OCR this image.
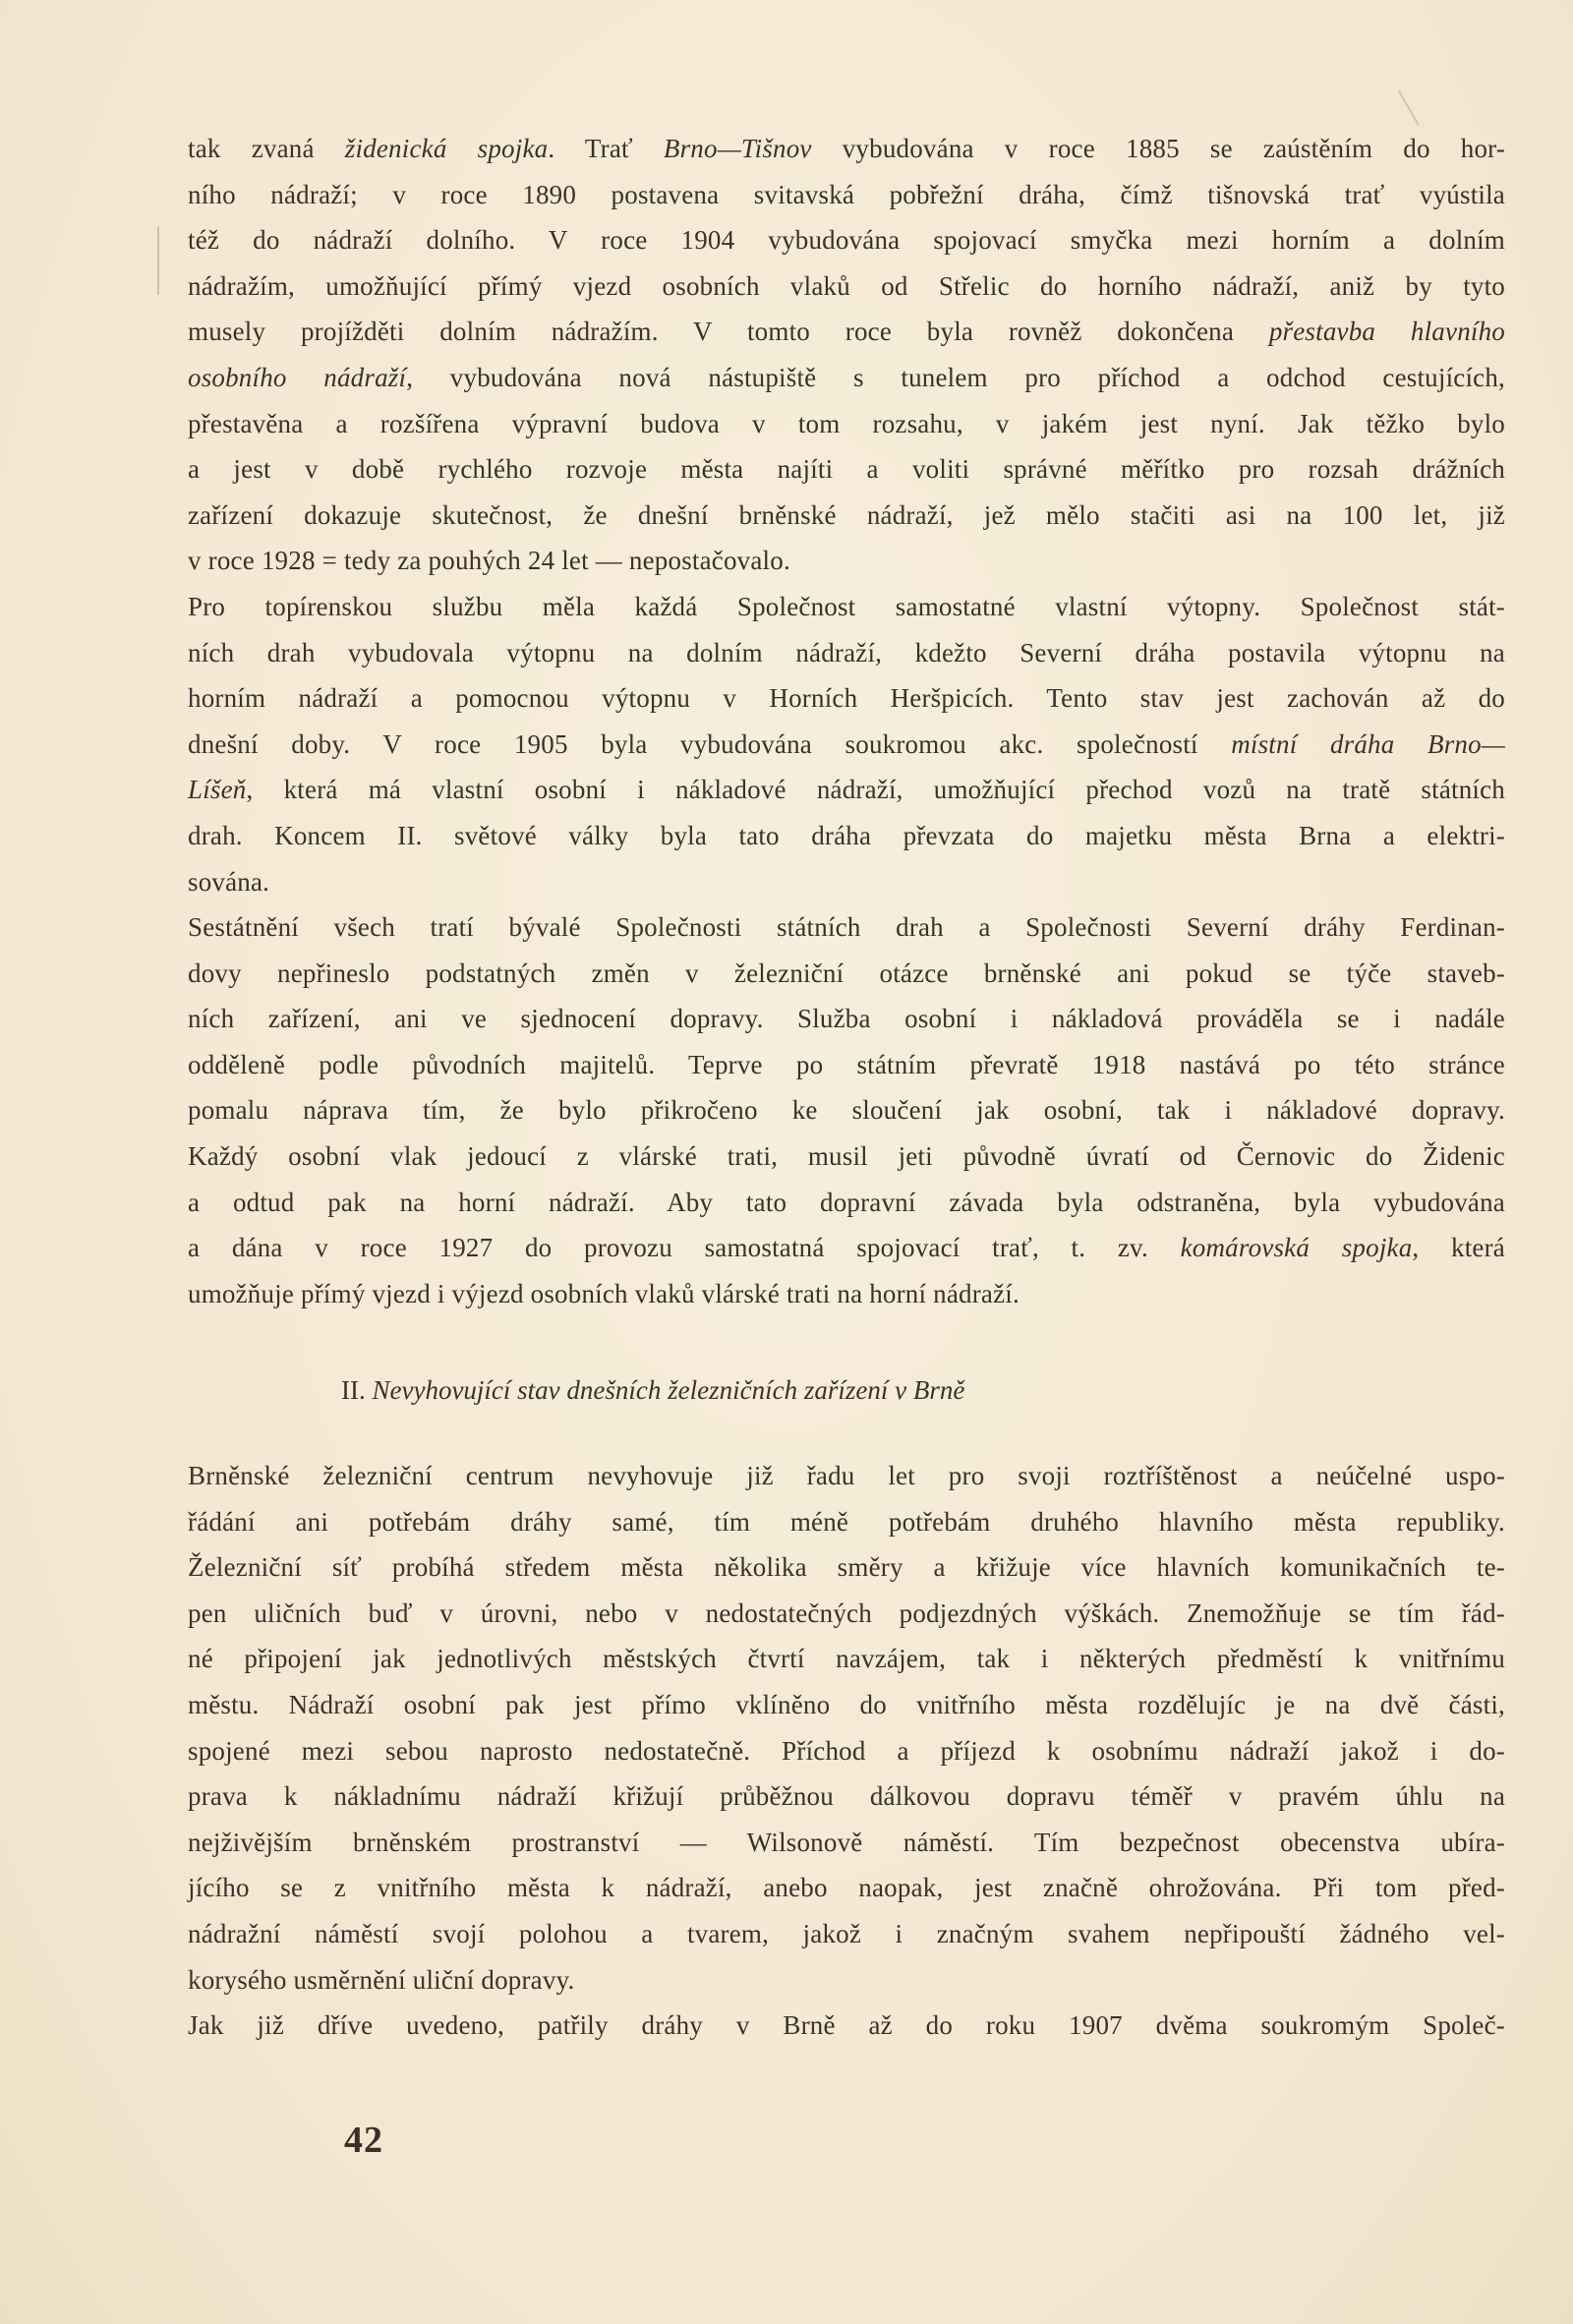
tak zvaná židenická spojka. Trať Brno—Tišnov vybudována v roce 1885 se zaústěním do hor-
ního nádraží; v roce 1890 postavena svitavská pobřežní dráha, čímž tišnovská trať vyústila
též do nádraží dolního. V roce 1904 vybudována spojovací smyčka mezi horním a dolním
nádražím, umožňující přímý vjezd osobních vlaků od Střelic do horního nádraží, aniž by tyto
musely projížděti dolním nádražím. V tomto roce byla rovněž dokončena přestavba hlavního
osobního nádraží, vybudována nová nástupiště s tunelem pro příchod a odchod cestujících,
přestavěna a rozšířena výpravní budova v tom rozsahu, v jakém jest nyní. Jak těžko bylo
a jest v době rychlého rozvoje města najíti a voliti správné měřítko pro rozsah drážních
zařízení dokazuje skutečnost, že dnešní brněnské nádraží, jež mělo stačiti asi na 100 let, již
v roce 1928 = tedy za pouhých 24 let — nepostačovalo.
Pro topírenskou službu měla každá Společnost samostatné vlastní výtopny. Společnost stát-
ních drah vybudovala výtopnu na dolním nádraží, kdežto Severní dráha postavila výtopnu na
horním nádraží a pomocnou výtopnu v Horních Heršpicích. Tento stav jest zachován až do
dnešní doby. V roce 1905 byla vybudována soukromou akc. společností místní dráha Brno—
Líšeň, která má vlastní osobní i nákladové nádraží, umožňující přechod vozů na tratě státních
drah. Koncem II. světové války byla tato dráha převzata do majetku města Brna a elektri-
sována.
Sestátnění všech tratí bývalé Společnosti státních drah a Společnosti Severní dráhy Ferdinan-
dovy nepřineslo podstatných změn v železniční otázce brněnské ani pokud se týče staveb-
ních zařízení, ani ve sjednocení dopravy. Služba osobní i nákladová prováděla se i nadále
odděleně podle původních majitelů. Teprve po státním převratě 1918 nastává po této stránce
pomalu náprava tím, že bylo přikročeno ke sloučení jak osobní, tak i nákladové dopravy.
Každý osobní vlak jedoucí z vlárské trati, musil jeti původně úvratí od Černovic do Židenic
a odtud pak na horní nádraží. Aby tato dopravní závada byla odstraněna, byla vybudována
a dána v roce 1927 do provozu samostatná spojovací trať, t. zv. komárovská spojka, která
umožňuje přímý vjezd i výjezd osobních vlaků vlárské trati na horní nádraží.
II. Nevyhovující stav dnešních železničních zařízení v Brně
Brněnské železniční centrum nevyhovuje již řadu let pro svoji roztříštěnost a neúčelné uspo-
řádání ani potřebám dráhy samé, tím méně potřebám druhého hlavního města republiky.
Železniční síť probíhá středem města několika směry a křižuje více hlavních komunikačních te-
pen uličních buď v úrovni, nebo v nedostatečných podjezdných výškách. Znemožňuje se tím řád-
né připojení jak jednotlivých městských čtvrtí navzájem, tak i některých předměstí k vnitřnímu
městu. Nádraží osobní pak jest přímo vklíněno do vnitřního města rozdělujíc je na dvě části,
spojené mezi sebou naprosto nedostatečně. Příchod a příjezd k osobnímu nádraží jakož i do-
prava k nákladnímu nádraží křižují průběžnou dálkovou dopravu téměř v pravém úhlu na
nejživějším brněnském prostranství — Wilsonově náměstí. Tím bezpečnost obecenstva ubíra-
jícího se z vnitřního města k nádraží, anebo naopak, jest značně ohrožována. Při tom před-
nádražní náměstí svojí polohou a tvarem, jakož i značným svahem nepřipouští žádného vel-
korysého usměrnění uliční dopravy.
Jak již dříve uvedeno, patřily dráhy v Brně až do roku 1907 dvěma soukromým Společ-
42
